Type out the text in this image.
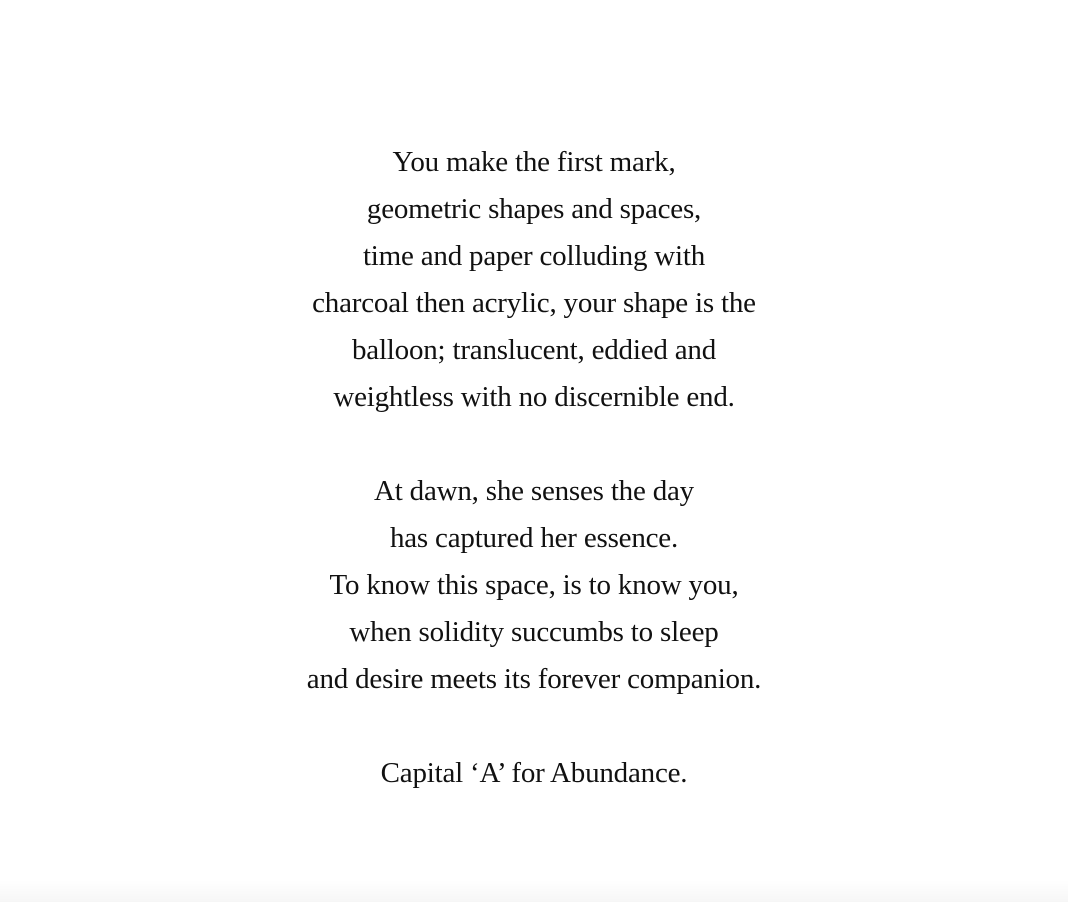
You make the first mark,
geometric shapes and spaces,
time and paper colluding with
charcoal then acrylic, your shape is the
balloon; translucent, eddied and
weightless with no discernible end.
At dawn, she senses the day
has captured her essence.
To know this space, is to know you,
when solidity succumbs to sleep
and desire meets its forever companion.
Capital ‘A’ for Abundance.
